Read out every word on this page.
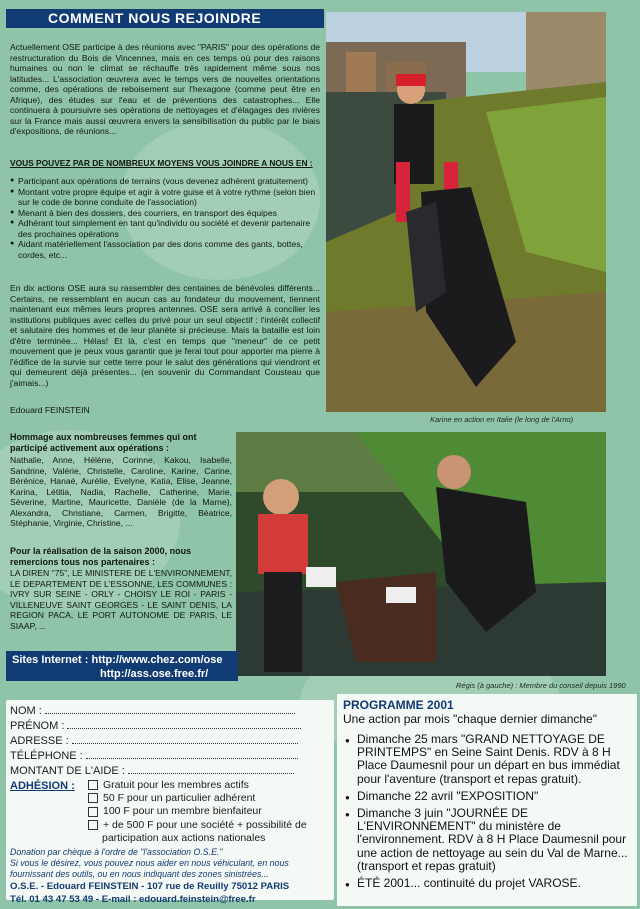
COMMENT NOUS REJOINDRE
Actuellement OSE participe à des réunions avec "PARIS" pour des opérations de restructuration du Bois de Vincennes, mais en ces temps où pour des raisons humaines ou non le climat se réchauffe très rapidement même sous nos latitudes... L'association œuvrera avec le temps vers de nouvelles orientations comme, des opérations de reboisement sur l'hexagone (comme peut être en Afrique), des études sur l'eau et de préventions des catastrophes... Elle continuera à poursuivre ses opérations de nettoyages et d'élagages des rivières sur la France mais aussi œuvrera envers la sensibilisation du public par le biais d'expositions, de réunions...
VOUS POUVEZ PAR DE NOMBREUX MOYENS VOUS JOINDRE A NOUS EN :
● Participant aux opérations de terrains (vous devenez adhérent gratuitement)
● Montant votre propre équipe et agir à votre guise et à votre rythme (selon bien sur le code de bonne conduite de l'association)
● Menant à bien des dossiers, des courriers, en transport des équipes
● Adhérant tout simplement en tant qu'individu ou société et devenir partenaire des prochaines opérations
● Aidant matériellement l'association par des dons comme des gants, bottes, cordes, etc...
En dix actions OSE aura su rassembler des centaines de bénévoles différents... Certains, ne ressemblant en aucun cas au fondateur du mouvement, tiennent maintenant eux mêmes leurs propres antennes. OSE sera arrivé à concilier les institutions publiques avec celles du privé pour un seul objectif : l'intérêt collectif et salutaire des hommes et de leur planète si précieuse. Mais la bataille est loin d'être terminée... Hélas! Et là, c'est en temps que "meneur" de ce petit mouvement que je peux vous garantir que je ferai tout pour apporter ma pierre à l'édifice de la survie sur cette terre pour le salut des générations qui viendront et qui demeurent déjà présentes... (en souvenir du Commandant Cousteau que j'aimais...)
Edouard FEINSTEIN
Karine en action en Italie (le long de l'Arno)
Hommage aux nombreuses femmes qui ont participé activement aux opérations :
Nathalie, Anne, Hélène, Corinne, Kakou, Isabelle, Sandrine, Valérie, Christelle, Caroline, Karine, Carine, Bérénice, Hanaé, Aurélie, Evelyne, Katia, Elise, Jeanne, Karina, Létitia, Nadia, Rachelle, Catherine, Marie, Séverine, Martine, Mauricette, Danièle (de la Marne), Alexandra, Christiane, Carmen, Brigitte, Béatrice, Stéphanie, Virginie, Christine, ...
Pour la réalisation de la saison 2000, nous remercions tous nos partenaires :
LA DIREN "75", LE MINISTERE DE L'ENVIRONNEMENT, LE DEPARTEMENT DE L'ESSONNE, LES COMMUNES : IVRY SUR SEINE - ORLY - CHOISY LE ROI - PARIS - VILLENEUVE SAINT GEORGES - LE SAINT DENIS, LA REGION PACA, LE PORT AUTONOME DE PARIS, LE SIAAP, ...
Sites Internet : http://www.chez.com/ose
http://ass.ose.free.fr/
Régis (à gauche) : Membre du conseil depuis 1990
NOM :
PRÉNOM :
ADRESSE :
TÉLÉPHONE :
MONTANT DE L'AIDE :
ADHÉSION :	Gratuit pour les membres actifs
50 F pour un particulier adhérent
100 F pour un membre bienfaiteur
+ de 500 F pour une société + possibilité de participation aux actions nationales
Donation par chèque à l'ordre de "l'association O.S.E."
Si vous le désirez, vous pouvez nous aider en nous véhiculant, en nous fournissant des outils, ou en nous indiquant des zones sinistrées...
O.S.E. - Edouard FEINSTEIN - 107 rue de Reuilly 75012 PARIS
Tél. 01 43 47 53 49 - E-mail : edouard.feinstein@free.fr
PROGRAMME 2001
Une action par mois "chaque dernier dimanche"
● Dimanche 25 mars "GRAND NETTOYAGE DE PRINTEMPS" en Seine Saint Denis. RDV à 8 H Place Daumesnil pour un départ en bus immédiat pour l'aventure (transport et repas gratuit).
● Dimanche 22 avril "EXPOSITION"
● Dimanche 3 juin "JOURNÉE DE L'ENVIRONNEMENT" du ministère de l'environnement. RDV à 8 H Place Daumesnil pour une action de nettoyage au sein du Val de Marne... (transport et repas gratuit)
● ÉTÉ 2001... continuité du projet VAROSE.
